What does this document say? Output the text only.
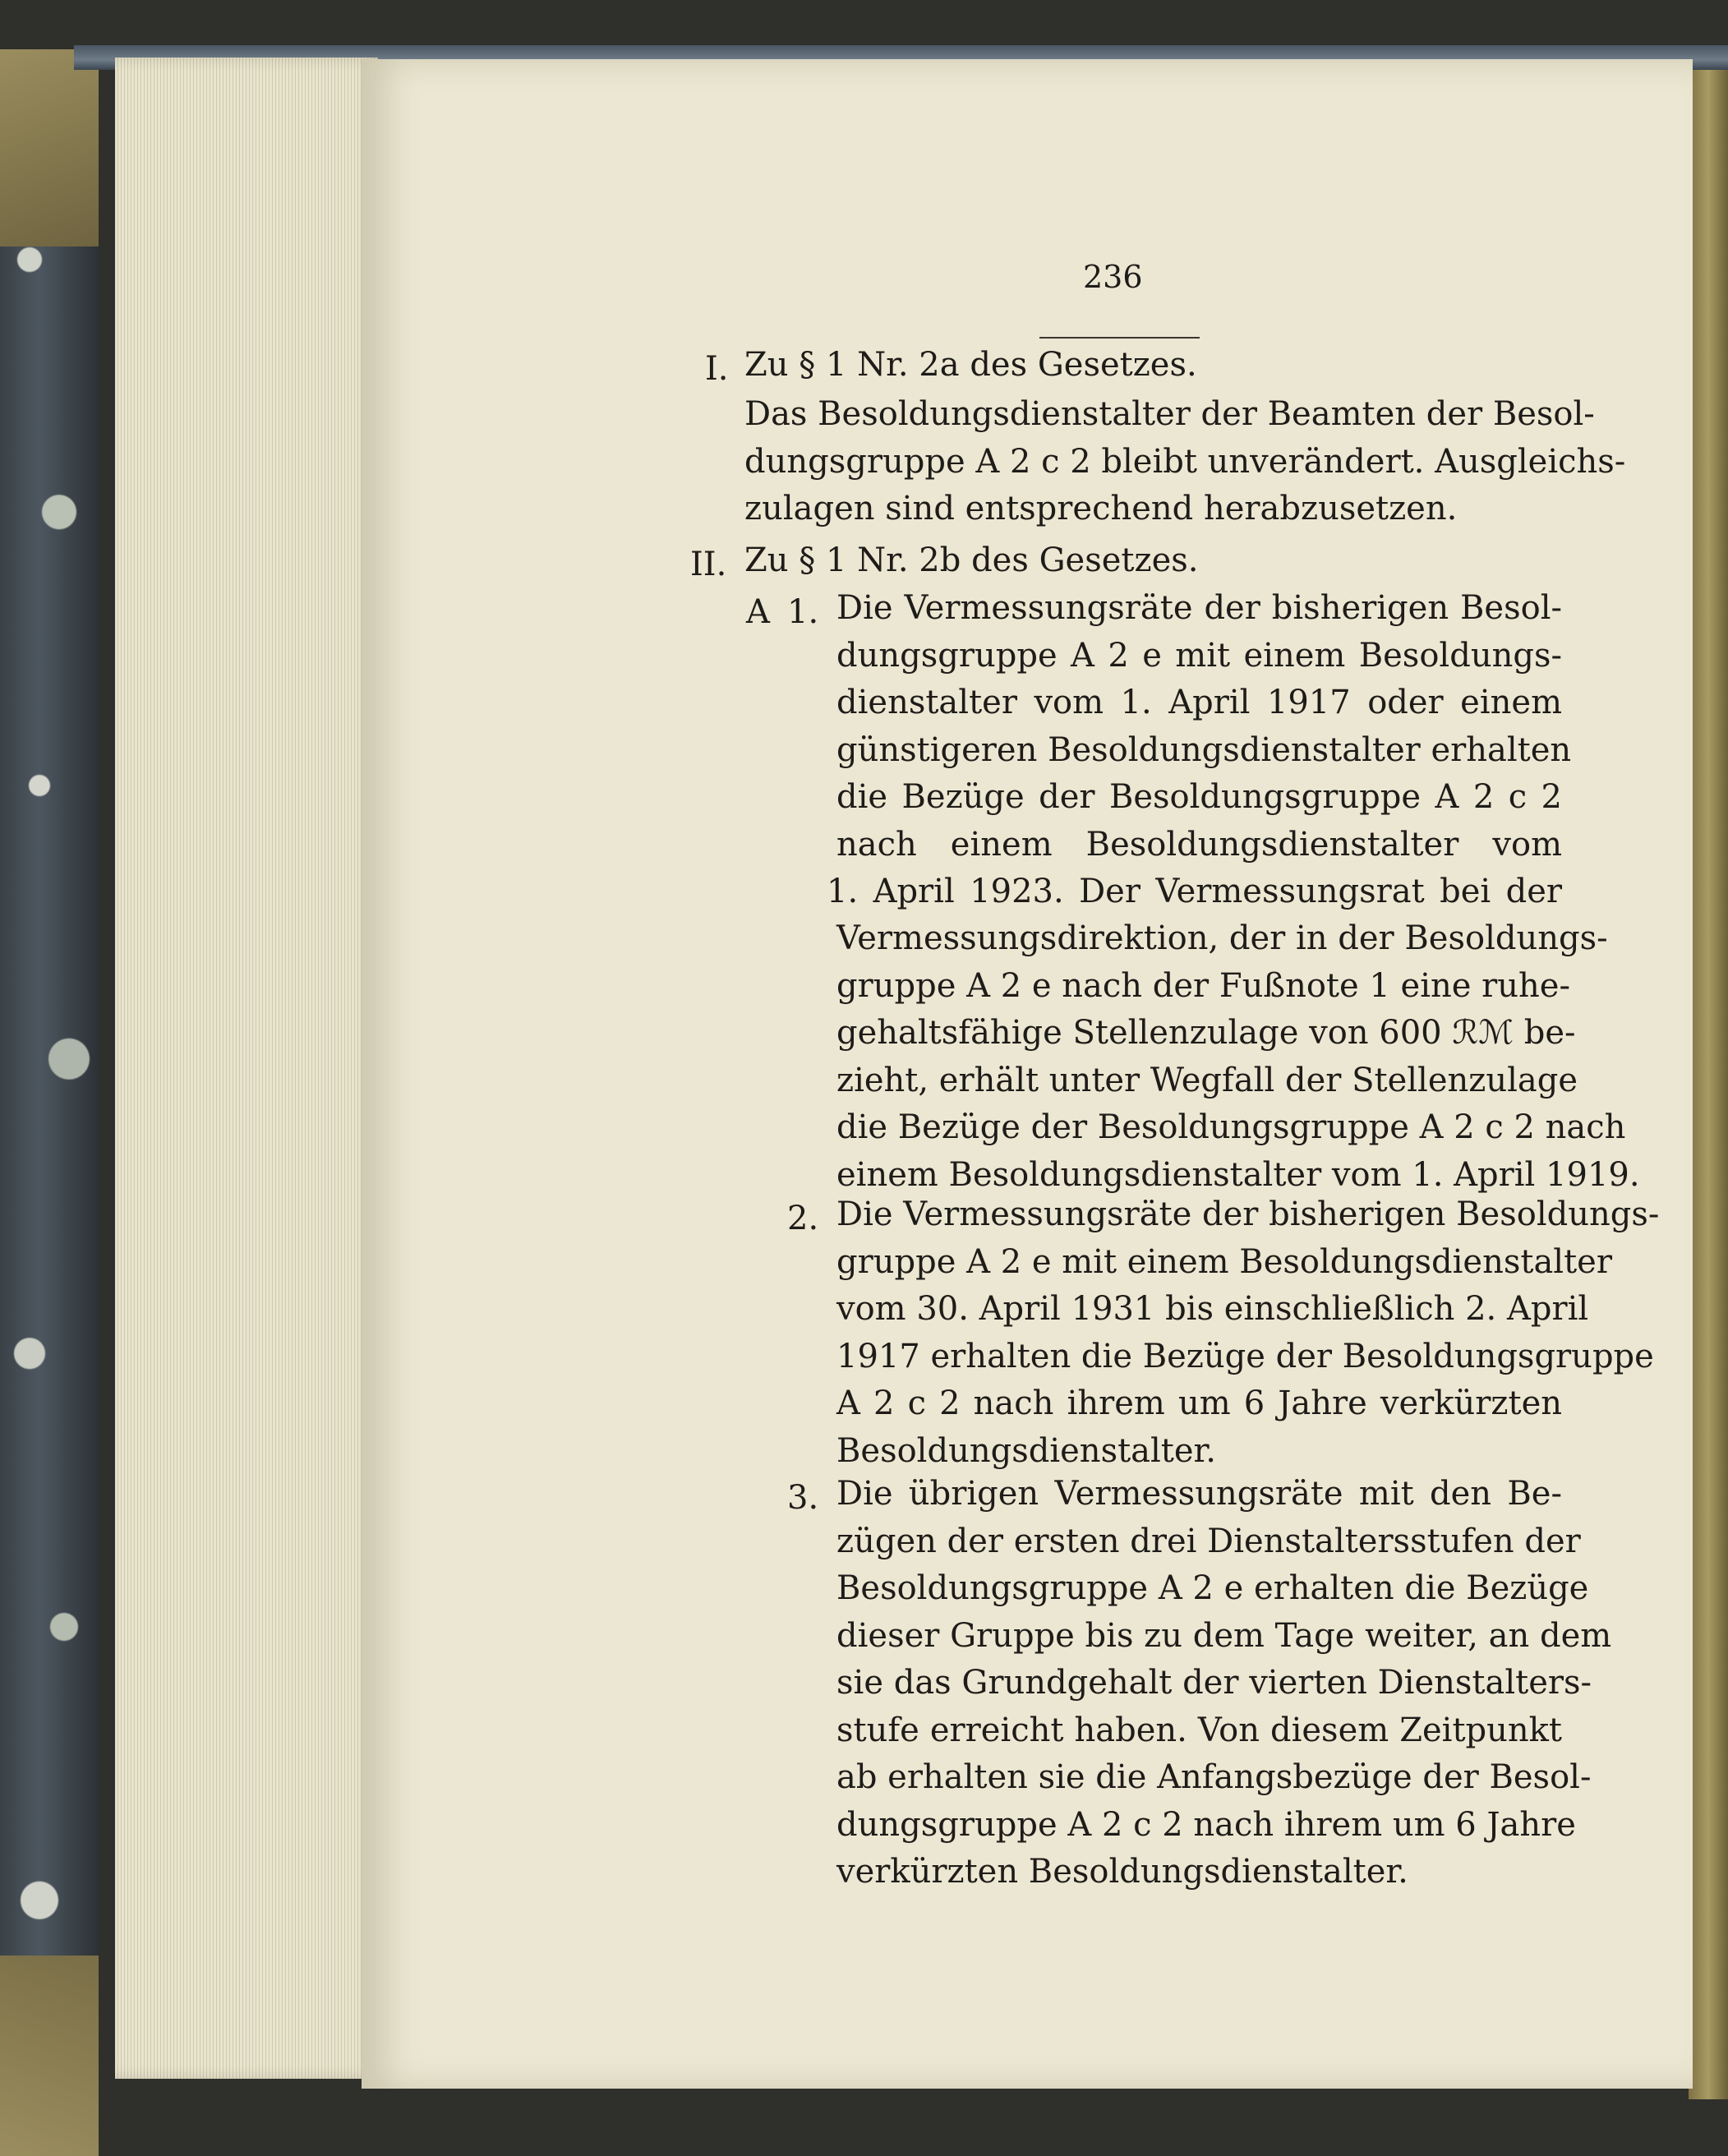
236
I. Zu § 1 Nr. 2a des Gesetzes.
Das Besoldungsdienstalter der Beamten der Besol-
dungsgruppe A 2 c 2 bleibt unverändert. Ausgleichs-
zulagen sind entsprechend herabzusetzen.
II. Zu § 1 Nr. 2b des Gesetzes.
A 1. Die Vermessungsräte der bisherigen Besol-
dungsgruppe A 2 e mit einem Besoldungs-
dienstalter vom 1. April 1917 oder einem
günstigeren Besoldungsdienstalter erhalten
die Bezüge der Besoldungsgruppe A 2 c 2
nach einem Besoldungsdienstalter vom
1. April 1923. Der Vermessungsrat bei der
Vermessungsdirektion, der in der Besoldungs-
gruppe A 2 e nach der Fußnote 1 eine ruhe-
gehaltsfähige Stellenzulage von 600 ℛℳ be-
zieht, erhält unter Wegfall der Stellenzulage
die Bezüge der Besoldungsgruppe A 2 c 2 nach
einem Besoldungsdienstalter vom 1. April 1919.
2. Die Vermessungsräte der bisherigen Besoldungs-
gruppe A 2 e mit einem Besoldungsdienstalter
vom 30. April 1931 bis einschließlich 2. April
1917 erhalten die Bezüge der Besoldungsgruppe
A 2 c 2 nach ihrem um 6 Jahre verkürzten
Besoldungsdienstalter.
3. Die übrigen Vermessungsräte mit den Be-
zügen der ersten drei Dienstaltersstufen der
Besoldungsgruppe A 2 e erhalten die Bezüge
dieser Gruppe bis zu dem Tage weiter, an dem
sie das Grundgehalt der vierten Dienstalters-
stufe erreicht haben. Von diesem Zeitpunkt
ab erhalten sie die Anfangsbezüge der Besol-
dungsgruppe A 2 c 2 nach ihrem um 6 Jahre
verkürzten Besoldungsdienstalter.
